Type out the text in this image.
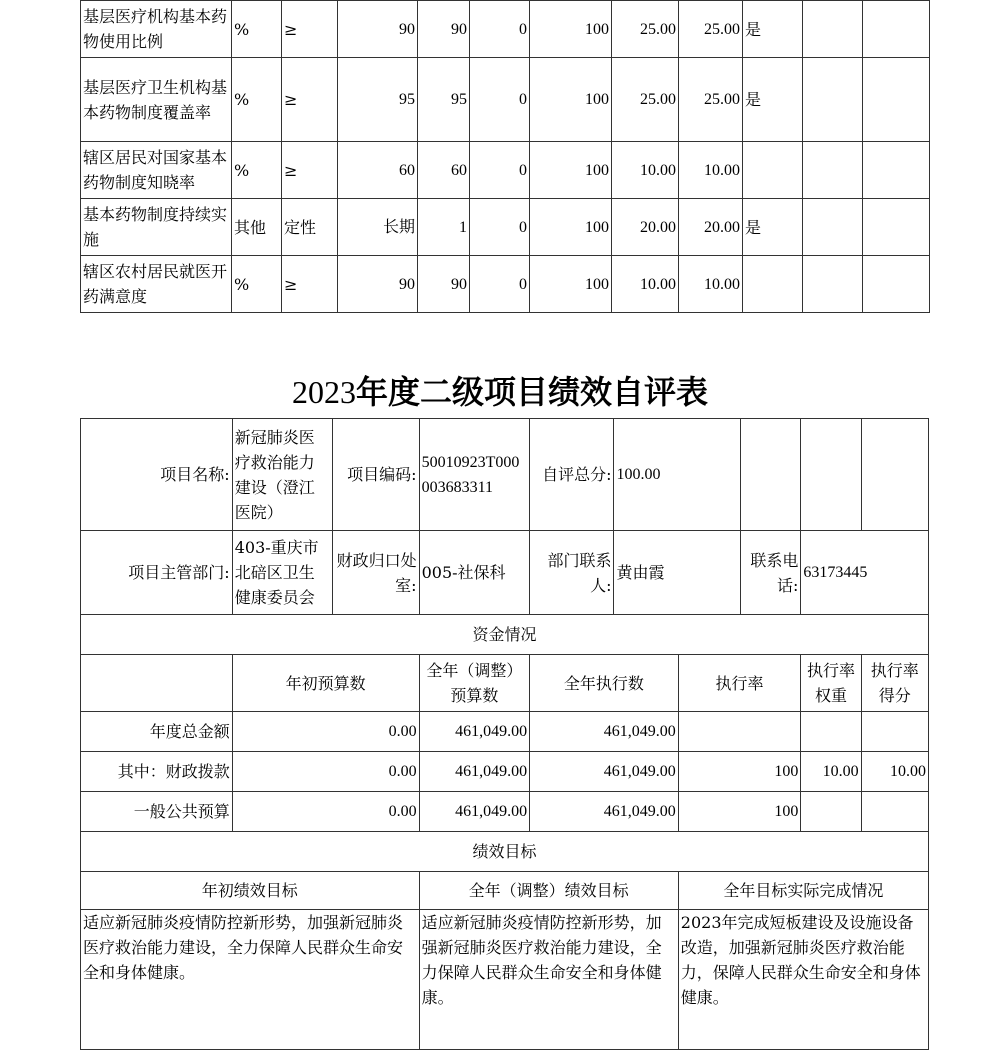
基层医疗机构基本药物使用比例	%	≥	90	90	0	100	25.00	25.00	是		
基层医疗卫生机构基本药物制度覆盖率	%	≥	95	95	0	100	25.00	25.00	是		
辖区居民对国家基本药物制度知晓率	%	≥	60	60	0	100	10.00	10.00			
基本药物制度持续实施	其他	定性	长期	1	0	100	20.00	20.00	是		
辖区农村居民就医开药满意度	%	≥	90	90	0	100	10.00	10.00			
2023年度二级项目绩效自评表
项目名称:	新冠肺炎医疗救治能力建设（澄江医院）	项目编码:	50010923T000003683311	自评总分:	100.00				
项目主管部门:	403-重庆市北碚区卫生健康委员会	财政归口处室:	005-社保科	部门联系人:	黄由霞		联系电话:	63173445	
资金情况									
	年初预算数		全年（调整）预算数	全年执行数		执行率		执行率权重	执行率得分
年度总金额	0.00		461,049.00	461,049.00					
其中：财政拨款	0.00		461,049.00	461,049.00		100		10.00	10.00
一般公共预算	0.00		461,049.00	461,049.00		100			
绩效目标									
年初绩效目标			全年（调整）绩效目标			全年目标实际完成情况			
适应新冠肺炎疫情防控新形势，加强新冠肺炎医疗救治能力建设，全力保障人民群众生命安全和身体健康。			适应新冠肺炎疫情防控新形势，加强新冠肺炎医疗救治能力建设，全力保障人民群众生命安全和身体健康。			2023年完成短板建设及设施设备改造，加强新冠肺炎医疗救治能力，保障人民群众生命安全和身体健康。			
